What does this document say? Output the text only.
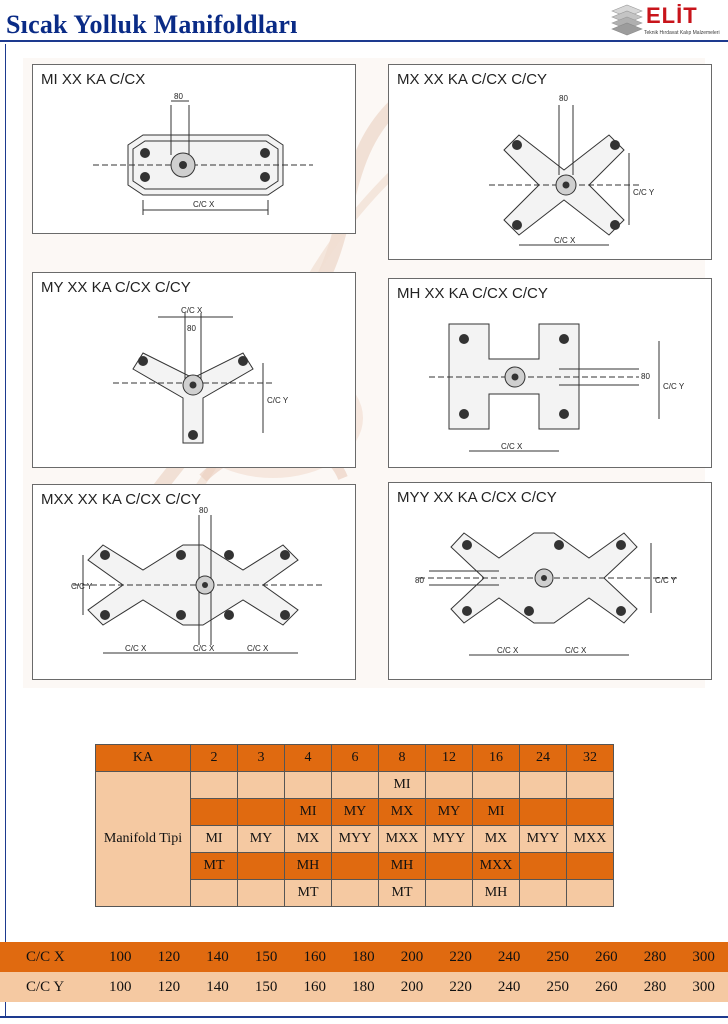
Sıcak Yolluk Manifoldları	ELİT
Teknik Hırdavat Kalıp Malzemeleri
MI XX KA C/CX
80
C/C X
MX XX KA C/CX C/CY
80
C/C Y
C/C X
MY XX KA C/CX C/CY
C/C X
80
C/C Y
MH XX KA C/CX C/CY
80
C/C Y
C/C X
MXX XX KA C/CX C/CY
80
C/C Y
C/C X	C/C X	C/C X
MYY XX KA C/CX C/CY
80	C/C Y
C/C X	C/C X
KA	2	3	4	6	8	12	16	24	32
Manifold Tipi					MI				
			MI	MY	MX	MY	MI		
	MI	MY	MX	MYY	MXX	MYY	MX	MYY	MXX
	MT		MH		MH		MXX		
			MT		MT		MH		
C/C X	100	120	140	150	160	180	200	220	240	250	260	280	300
C/C Y	100	120	140	150	160	180	200	220	240	250	260	280	300
